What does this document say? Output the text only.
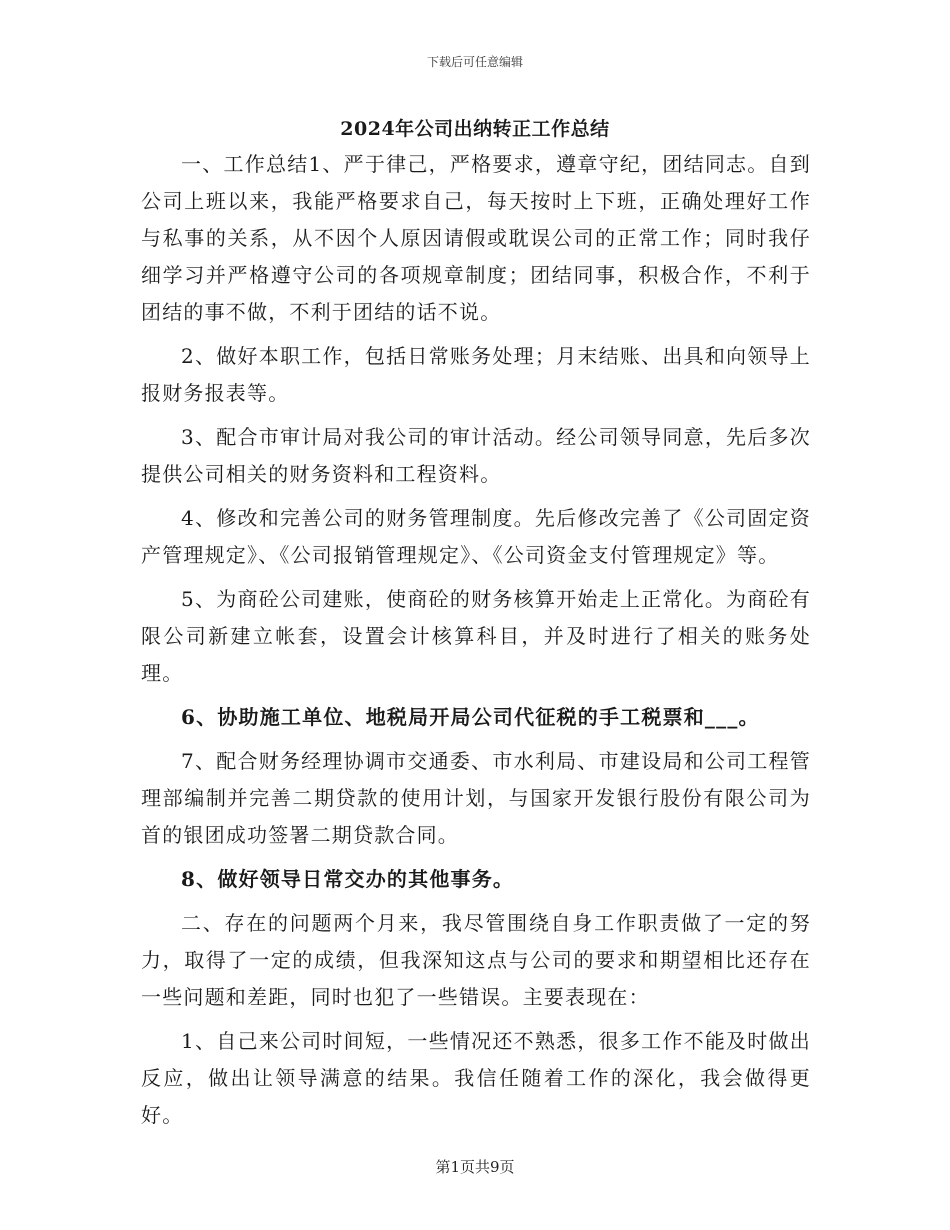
下载后可任意编辑
2024年公司出纳转正工作总结

一、工作总结1、严于律己，严格要求，遵章守纪，团结同志。自到公司上班以来，我能严格要求自己，每天按时上下班，正确处理好工作与私事的关系，从不因个人原因请假或耽误公司的正常工作；同时我仔细学习并严格遵守公司的各项规章制度；团结同事，积极合作，不利于团结的事不做，不利于团结的话不说。

2、做好本职工作，包括日常账务处理；月末结账、出具和向领导上报财务报表等。

3、配合市审计局对我公司的审计活动。经公司领导同意，先后多次提供公司相关的财务资料和工程资料。

4、修改和完善公司的财务管理制度。先后修改完善了《公司固定资产管理规定》、《公司报销管理规定》、《公司资金支付管理规定》等。

5、为商砼公司建账，使商砼的财务核算开始走上正常化。为商砼有限公司新建立帐套，设置会计核算科目，并及时进行了相关的账务处理。

6、协助施工单位、地税局开局公司代征税的手工税票和___。

7、配合财务经理协调市交通委、市水利局、市建设局和公司工程管理部编制并完善二期贷款的使用计划，与国家开发银行股份有限公司为首的银团成功签署二期贷款合同。

8、做好领导日常交办的其他事务。

二、存在的问题两个月来，我尽管围绕自身工作职责做了一定的努力，取得了一定的成绩，但我深知这点与公司的要求和期望相比还存在一些问题和差距，同时也犯了一些错误。主要表现在：

1、自己来公司时间短，一些情况还不熟悉，很多工作不能及时做出反应，做出让领导满意的结果。我信任随着工作的深化，我会做得更好。

第1页共9页
